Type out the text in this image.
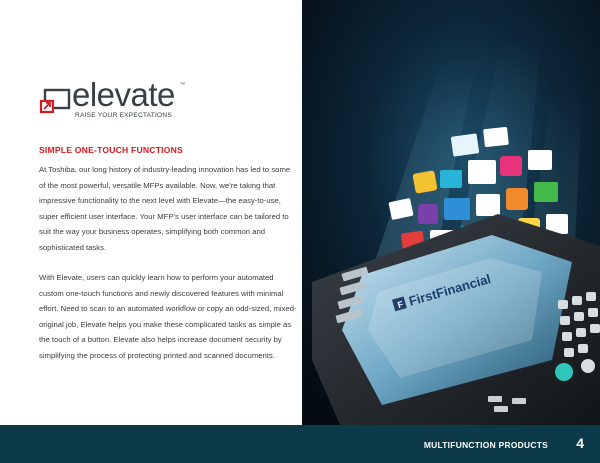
elevate ™
RAISE YOUR EXPECTATIONS
SIMPLE ONE-TOUCH FUNCTIONS

At Toshiba, our long history of industry-leading innovation has led to some of the most powerful, versatile MFPs available. Now, we’re taking that impressive functionality to the next level with Elevate—the easy-to-use, super efficient user interface. Your MFP’s user interface can be tailored to suit the way your business operates, simplifying both common and sophisticated tasks.

With Elevate, users can quickly learn how to perform your automated custom one-touch functions and newly discovered features with minimal effort. Need to scan to an automated workflow or copy an odd-sized, mixed-original job, Elevate helps you make these complicated tasks as simple as the touch of a button. Elevate also helps increase document security by simplifying the process of protecting printed and scanned documents.

F FirstFinancial
MULTIFUNCTION PRODUCTS 4
